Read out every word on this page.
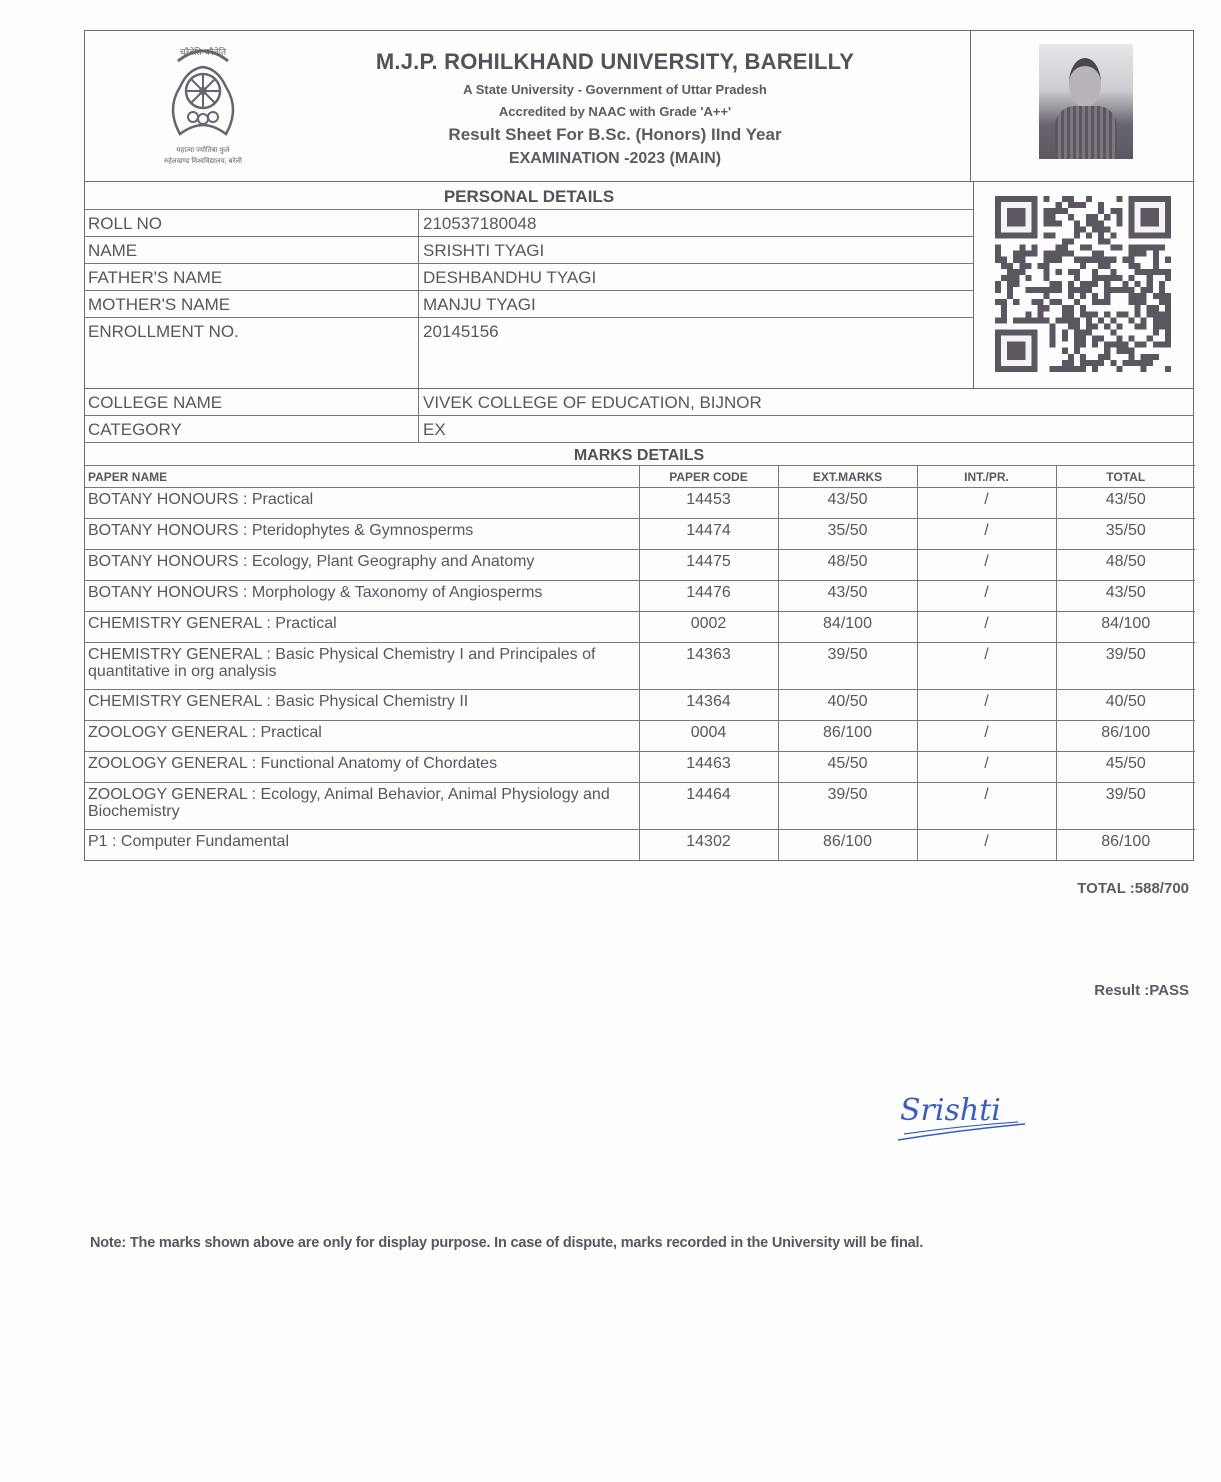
चरैवेति चरैवेति
महात्मा ज्योतिबा फुले
रुहेलखण्ड विश्वविद्यालय, बरेली
M.J.P. ROHILKHAND UNIVERSITY, BAREILLY
A State University - Government of Uttar Pradesh
Accredited by NAAC with Grade 'A++'
Result Sheet For B.Sc. (Honors) IInd Year
EXAMINATION -2023 (MAIN)
PERSONAL DETAILS
ROLL NO	210537180048
NAME	SRISHTI TYAGI
FATHER'S NAME	DESHBANDHU TYAGI
MOTHER'S NAME	MANJU TYAGI
ENROLLMENT NO.	20145156
COLLEGE NAME	VIVEK COLLEGE OF EDUCATION, BIJNOR
CATEGORY	EX
MARKS DETAILS
PAPER NAME	PAPER CODE	EXT.MARKS	INT./PR.	TOTAL
BOTANY HONOURS : Practical	14453	43/50	/	43/50
BOTANY HONOURS : Pteridophytes & Gymnosperms	14474	35/50	/	35/50
BOTANY HONOURS : Ecology, Plant Geography and Anatomy	14475	48/50	/	48/50
BOTANY HONOURS : Morphology & Taxonomy of Angiosperms	14476	43/50	/	43/50
CHEMISTRY GENERAL : Practical	0002	84/100	/	84/100
CHEMISTRY GENERAL : Basic Physical Chemistry I and Principales of quantitative in org analysis	14363	39/50	/	39/50
CHEMISTRY GENERAL : Basic Physical Chemistry II	14364	40/50	/	40/50
ZOOLOGY GENERAL : Practical	0004	86/100	/	86/100
ZOOLOGY GENERAL : Functional Anatomy of Chordates	14463	45/50	/	45/50
ZOOLOGY GENERAL : Ecology, Animal Behavior, Animal Physiology and Biochemistry	14464	39/50	/	39/50
P1 : Computer Fundamental	14302	86/100	/	86/100
TOTAL :588/700
Result :PASS
Srishti
Note: The marks shown above are only for display purpose. In case of dispute, marks recorded in the University will be final.
